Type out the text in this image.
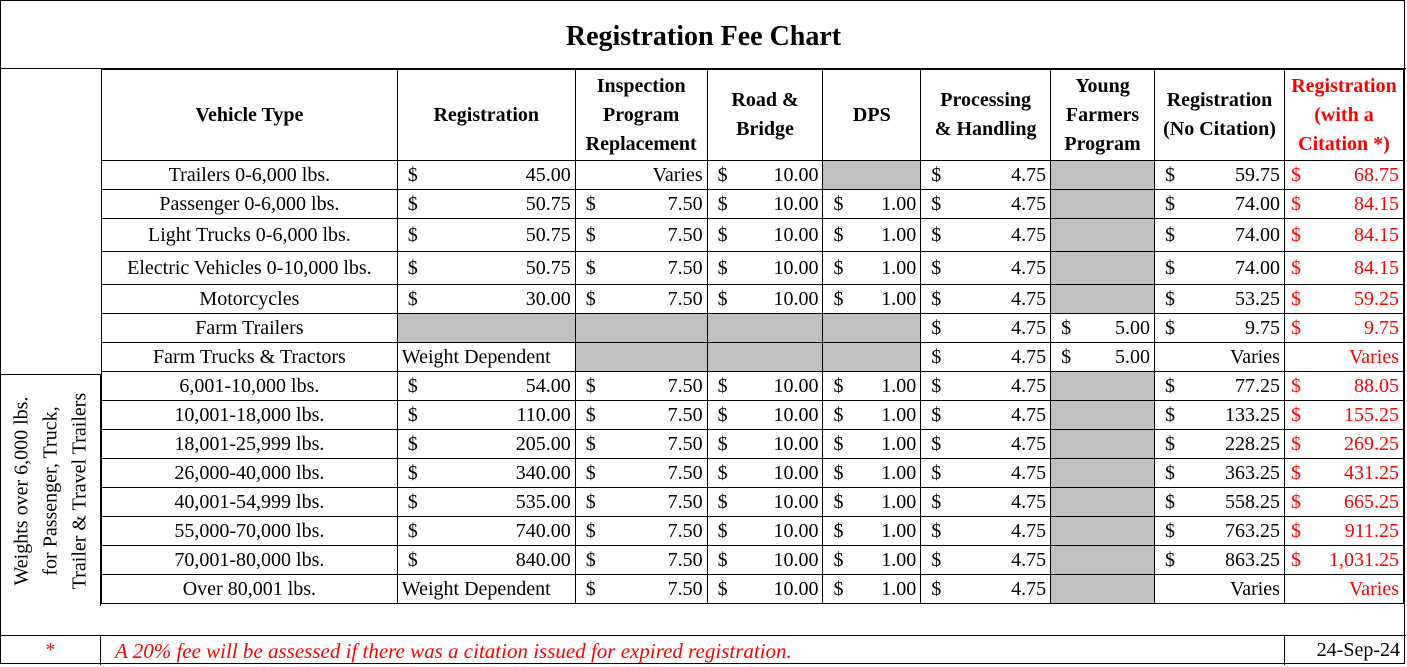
Registration Fee Chart
Vehicle Type	Registration	Inspection
Program
Replacement	Road &
Bridge	DPS	Processing
& Handling	Young
Farmers
Program	Registration
(No Citation)	Registration
(with a
Citation *)
Trailers 0-6,000 lbs.	$ 45.00	Varies	$ 10.00		$ 4.75		$ 59.75	$ 68.75
Passenger 0-6,000 lbs.	$ 50.75	$ 7.50	$ 10.00	$ 1.00	$ 4.75		$ 74.00	$ 84.15
Light Trucks 0-6,000 lbs.	$ 50.75	$ 7.50	$ 10.00	$ 1.00	$ 4.75		$ 74.00	$ 84.15
Electric Vehicles 0-10,000 lbs.	$ 50.75	$ 7.50	$ 10.00	$ 1.00	$ 4.75		$ 74.00	$ 84.15
Motorcycles	$ 30.00	$ 7.50	$ 10.00	$ 1.00	$ 4.75		$ 53.25	$ 59.25
Farm Trailers					$ 4.75	$ 5.00	$ 9.75	$ 9.75
Farm Trucks & Tractors	Weight Dependent				$ 4.75	$ 5.00	Varies	Varies
6,001-10,000 lbs.	$ 54.00	$ 7.50	$ 10.00	$ 1.00	$ 4.75		$ 77.25	$ 88.05
10,001-18,000 lbs.	$ 110.00	$ 7.50	$ 10.00	$ 1.00	$ 4.75		$ 133.25	$ 155.25
18,001-25,999 lbs.	$ 205.00	$ 7.50	$ 10.00	$ 1.00	$ 4.75		$ 228.25	$ 269.25
26,000-40,000 lbs.	$ 340.00	$ 7.50	$ 10.00	$ 1.00	$ 4.75		$ 363.25	$ 431.25
40,001-54,999 lbs.	$ 535.00	$ 7.50	$ 10.00	$ 1.00	$ 4.75		$ 558.25	$ 665.25
55,000-70,000 lbs.	$ 740.00	$ 7.50	$ 10.00	$ 1.00	$ 4.75		$ 763.25	$ 911.25
70,001-80,000 lbs.	$ 840.00	$ 7.50	$ 10.00	$ 1.00	$ 4.75		$ 863.25	$ 1,031.25
Over 80,001 lbs.	Weight Dependent	$ 7.50	$ 10.00	$ 1.00	$ 4.75		Varies	Varies
Weights over 6,000 lbs. for Passenger, Truck, Trailer & Travel Trailers
*	A 20% fee will be assessed if there was a citation issued for expired registration.	24-Sep-24
